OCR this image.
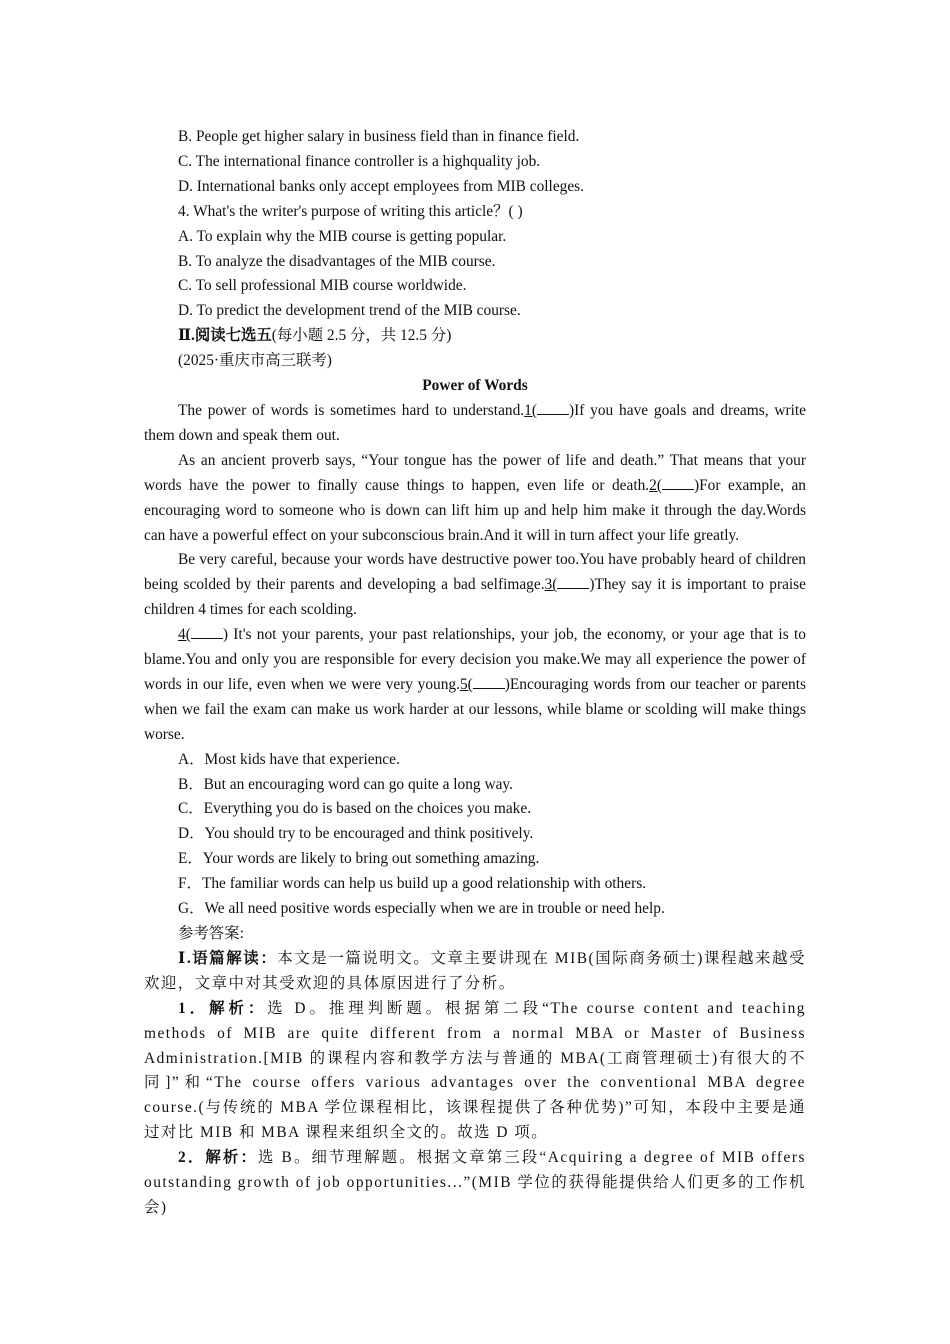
B. People get higher salary in business field than in finance field.
C. The international finance controller is a highquality job.
D. International banks only accept employees from MIB colleges.
4. What's the writer's purpose of writing this article？( )
A. To explain why the MIB course is getting popular.
B. To analyze the disadvantages of the MIB course.
C. To sell professional MIB course worldwide.
D. To predict the development trend of the MIB course.
Ⅱ.阅读七选五(每小题 2.5 分，共 12.5 分)
(2025·重庆市高三联考)
Power of Words

The power of words is sometimes hard to understand.1( )If you have goals and dreams, write them down and speak them out.

As an ancient proverb says, “Your tongue has the power of life and death.” That means that your words have the power to finally cause things to happen, even life or death.2( )For example, an encouraging word to someone who is down can lift him up and help him make it through the day.Words can have a powerful effect on your subconscious brain.And it will in turn affect your life greatly.

Be very careful, because your words have destructive power too.You have probably heard of children being scolded by their parents and developing a bad selfimage.3( )They say it is important to praise children 4 times for each scolding.

4( ) It's not your parents, your past relationships, your job, the economy, or your age that is to blame.You and only you are responsible for every decision you make.We may all experience the power of words in our life, even when we were very young.5( )Encouraging words from our teacher or parents when we fail the exam can make us work harder at our lessons, while blame or scolding will make things worse.

A．Most kids have that experience.
B．But an encouraging word can go quite a long way.
C．Everything you do is based on the choices you make.
D．You should try to be encouraged and think positively.
E．Your words are likely to bring out something amazing.
F．The familiar words can help us build up a good relationship with others.
G．We all need positive words especially when we are in trouble or need help.
参考答案:

Ⅰ.语篇解读：本文是一篇说明文。文章主要讲现在 MIB(国际商务硕士)课程越来越受欢迎，文章中对其受欢迎的具体原因进行了分析。

1．解析：选 D。推理判断题。根据第二段“The course content and teaching methods of MIB are quite different from a normal MBA or Master of Business Administration.[MIB 的课程内容和教学方法与普通的 MBA(工商管理硕士)有很大的不同]”和“The course offers various advantages over the conventional MBA degree course.(与传统的 MBA 学位课程相比，该课程提供了各种优势)”可知，本段中主要是通过对比 MIB 和 MBA 课程来组织全文的。故选 D 项。

2．解析：选 B。细节理解题。根据文章第三段“Acquiring a degree of MIB offers outstanding growth of job opportunities...”(MIB 学位的获得能提供给人们更多的工作机会)
